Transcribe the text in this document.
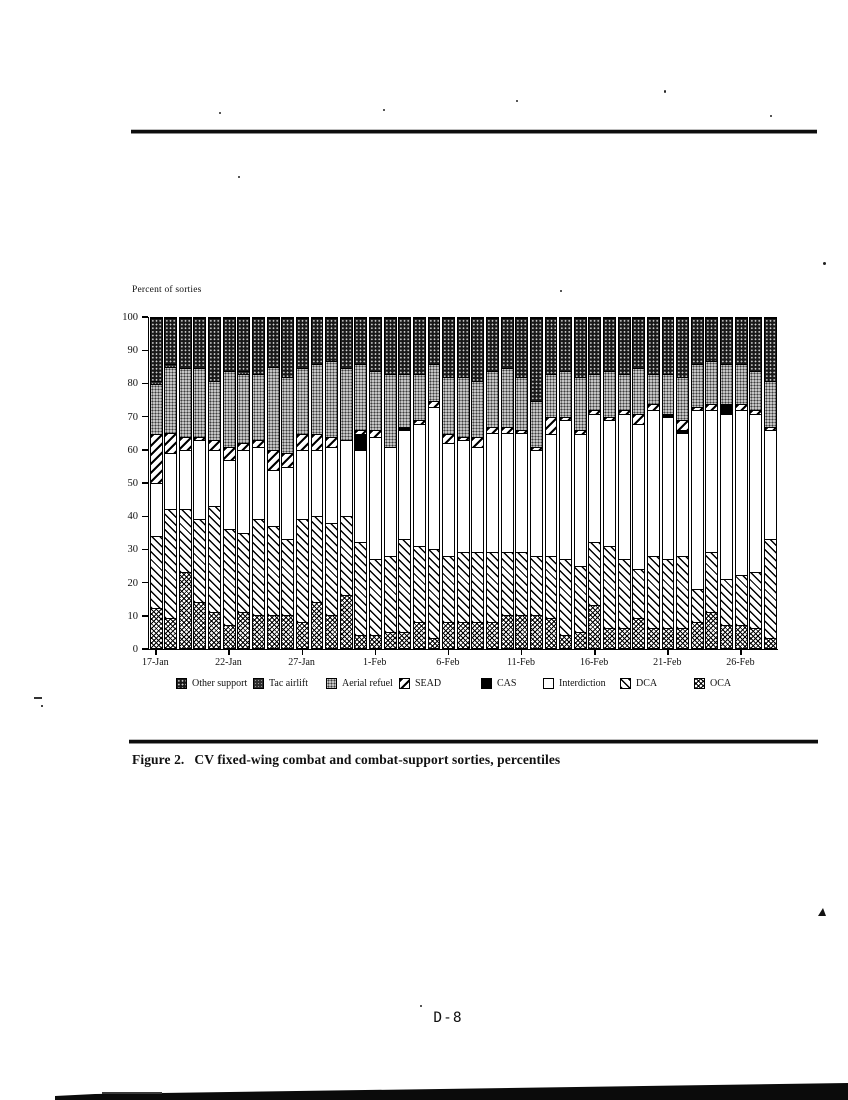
Percent of sorties
0
10
20
30
40
50
60
70
80
90
100
17-Jan	22-Jan	27-Jan	1-Feb	6-Feb	11-Feb	16-Feb	21-Feb	26-Feb
Other support Tac airlift	Aerial refuel SEAD	CAS	Interdiction	DCA	OCA
Figure 2. CV fixed-wing combat and combat-support sorties, percentiles
D-8
